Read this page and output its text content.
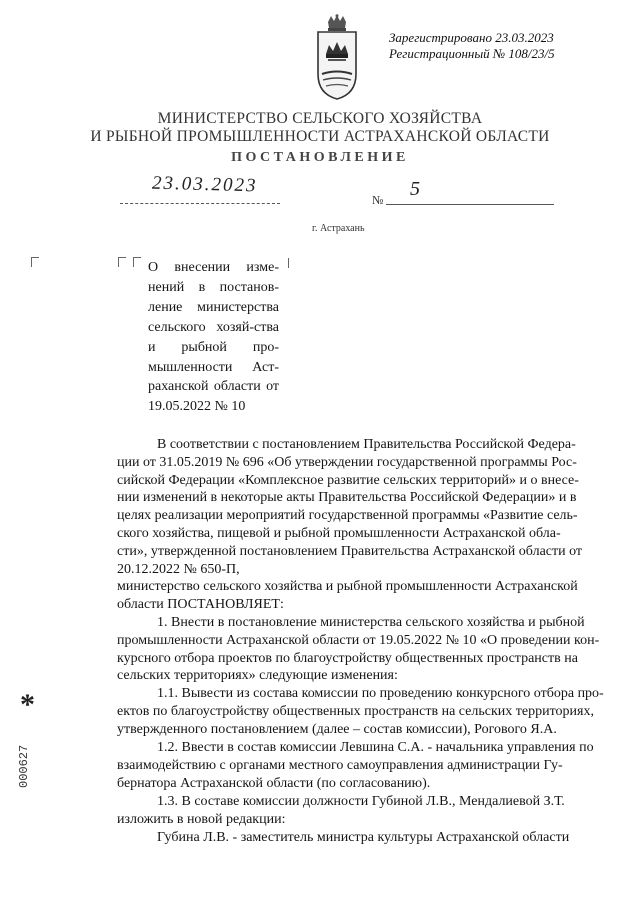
Зарегистрировано 23.03.2023
Регистрационный № 108/23/5
МИНИСТЕРСТВО СЕЛЬСКОГО ХОЗЯЙСТВА
И РЫБНОЙ ПРОМЫШЛЕННОСТИ АСТРАХАНСКОЙ ОБЛАСТИ
ПОСТАНОВЛЕНИЕ
23.03.2023
№ 5
г. Астрахань
О внесении изме-нений в постанов-ление министерства сельского хозяй-ства и рыбной про-мышленности Аст-раханской области от 19.05.2022 № 10
В соответствии с постановлением Правительства Российской Федера-
ции от 31.05.2019 № 696 «Об утверждении государственной программы Рос-
сийской Федерации «Комплексное развитие сельских территорий» и о внесе-
нии изменений в некоторые акты Правительства Российской Федерации» и в
целях реализации мероприятий государственной программы «Развитие сель-
ского хозяйства, пищевой и рыбной промышленности Астраханской обла-
сти», утвержденной постановлением Правительства Астраханской области от
20.12.2022 № 650-П,
министерство сельского хозяйства и рыбной промышленности Астраханской
области ПОСТАНОВЛЯЕТ:
1. Внести в постановление министерства сельского хозяйства и рыбной
промышленности Астраханской области от 19.05.2022 № 10 «О проведении кон-
курсного отбора проектов по благоустройству общественных пространств на
сельских территориях» следующие изменения:
1.1. Вывести из состава комиссии по проведению конкурсного отбора про-
ектов по благоустройству общественных пространств на сельских территориях,
утвержденного постановлением (далее – состав комиссии), Рогового Я.А.
1.2. Ввести в состав комиссии Левшина С.А. - начальника управления по
взаимодействию с органами местного самоуправления администрации Гу-
бернатора Астраханской области (по согласованию).
1.3. В составе комиссии должности Губиной Л.В., Мендалиевой З.Т.
изложить в новой редакции:
Губина Л.В. - заместитель министра культуры Астраханской области
*
000627
